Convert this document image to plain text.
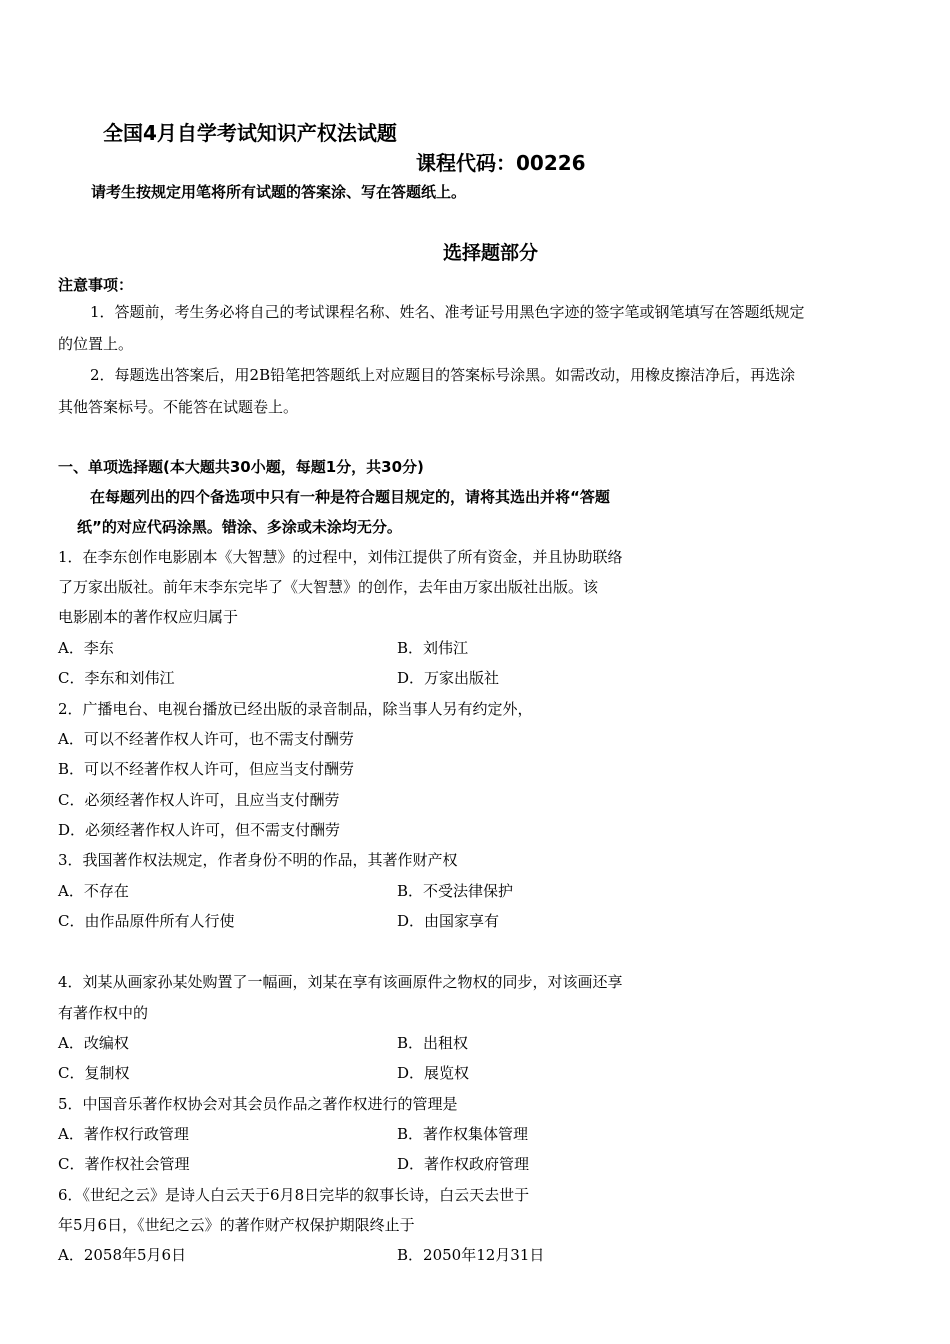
全国4月自学考试知识产权法试题
课程代码：00226
请考生按规定用笔将所有试题的答案涂、写在答题纸上。
选择题部分
注意事项：
1．答题前，考生务必将自己的考试课程名称、姓名、准考证号用黑色字迹的签字笔或钢笔填写在答题纸规定
的位置上。
2．每题选出答案后，用2B铅笔把答题纸上对应题目的答案标号涂黑。如需改动，用橡皮擦洁净后，再选涂
其他答案标号。不能答在试题卷上。
一、单项选择题(本大题共30小题，每题1分，共30分)
在每题列出的四个备选项中只有一种是符合题目规定的，请将其选出并将“答题
纸”的对应代码涂黑。错涂、多涂或未涂均无分。
1．在李东创作电影剧本《大智慧》的过程中，刘伟江提供了所有资金，并且协助联络
了万家出版社。前年末李东完毕了《大智慧》的创作，去年由万家出版社出版。该
电影剧本的著作权应归属于
A．李东	B．刘伟江
C．李东和刘伟江	D．万家出版社
2．广播电台、电视台播放已经出版的录音制品，除当事人另有约定外，
A．可以不经著作权人许可，也不需支付酬劳
B．可以不经著作权人许可，但应当支付酬劳
C．必须经著作权人许可，且应当支付酬劳
D．必须经著作权人许可，但不需支付酬劳
3．我国著作权法规定，作者身份不明的作品，其著作财产权
A．不存在	B．不受法律保护
C．由作品原件所有人行使	D．由国家享有
4．刘某从画家孙某处购置了一幅画，刘某在享有该画原件之物权的同步，对该画还享
有著作权中的
A．改编权	B．出租权
C．复制权	D．展览权
5．中国音乐著作权协会对其会员作品之著作权进行的管理是
A．著作权行政管理	B．著作权集体管理
C．著作权社会管理	D．著作权政府管理
6．《世纪之云》是诗人白云天于6月8日完毕的叙事长诗，白云天去世于
年5月6日，《世纪之云》的著作财产权保护期限终止于
A．2058年5月6日	B．2050年12月31日
